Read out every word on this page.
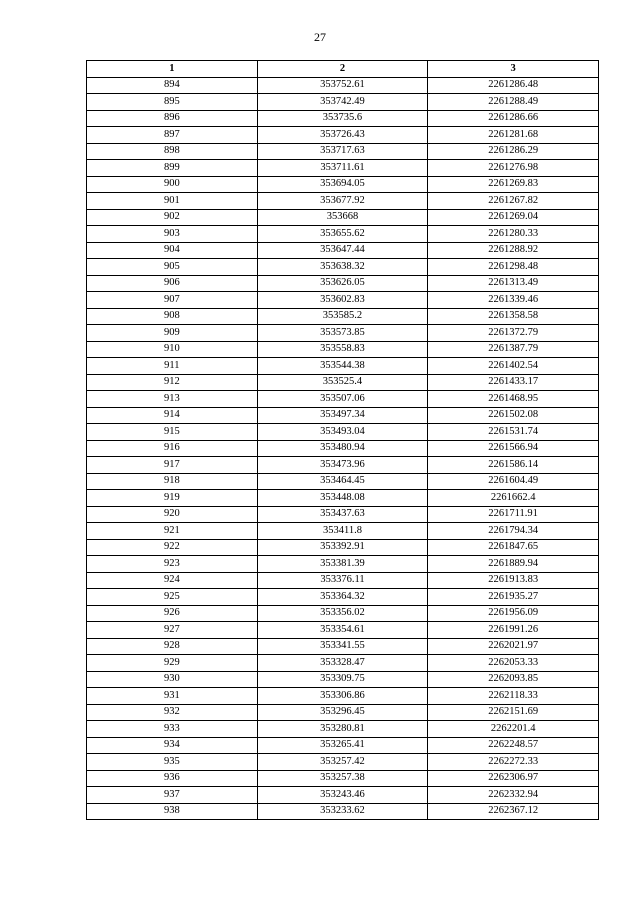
27
1	2	3
894	353752.61	2261286.48
895	353742.49	2261288.49
896	353735.6	2261286.66
897	353726.43	2261281.68
898	353717.63	2261286.29
899	353711.61	2261276.98
900	353694.05	2261269.83
901	353677.92	2261267.82
902	353668	2261269.04
903	353655.62	2261280.33
904	353647.44	2261288.92
905	353638.32	2261298.48
906	353626.05	2261313.49
907	353602.83	2261339.46
908	353585.2	2261358.58
909	353573.85	2261372.79
910	353558.83	2261387.79
911	353544.38	2261402.54
912	353525.4	2261433.17
913	353507.06	2261468.95
914	353497.34	2261502.08
915	353493.04	2261531.74
916	353480.94	2261566.94
917	353473.96	2261586.14
918	353464.45	2261604.49
919	353448.08	2261662.4
920	353437.63	2261711.91
921	353411.8	2261794.34
922	353392.91	2261847.65
923	353381.39	2261889.94
924	353376.11	2261913.83
925	353364.32	2261935.27
926	353356.02	2261956.09
927	353354.61	2261991.26
928	353341.55	2262021.97
929	353328.47	2262053.33
930	353309.75	2262093.85
931	353306.86	2262118.33
932	353296.45	2262151.69
933	353280.81	2262201.4
934	353265.41	2262248.57
935	353257.42	2262272.33
936	353257.38	2262306.97
937	353243.46	2262332.94
938	353233.62	2262367.12
